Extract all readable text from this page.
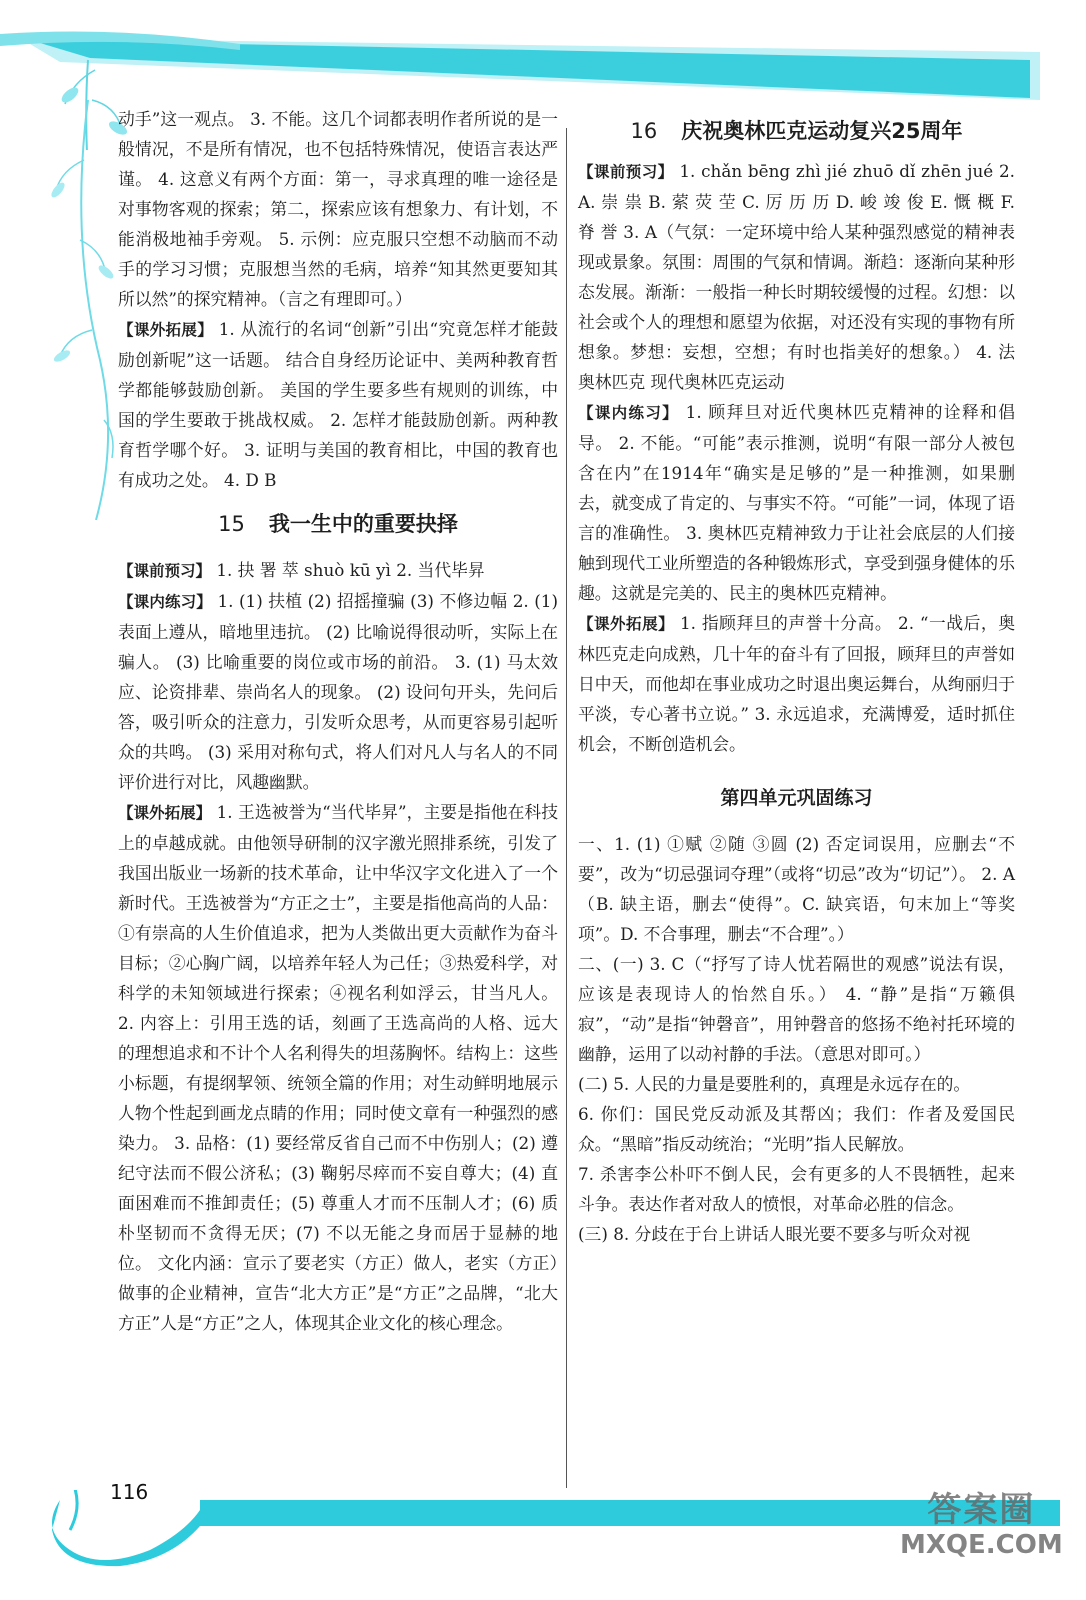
动手”这一观点。 3. 不能。这几个词都表明作者所说的是一般情况，不是所有情况，也不包括特殊情况，使语言表达严谨。 4. 这意义有两个方面：第一，寻求真理的唯一途径是对事物客观的探索；第二，探索应该有想象力、有计划，不能消极地袖手旁观。 5. 示例：应克服只空想不动脑而不动手的学习习惯；克服想当然的毛病，培养“知其然更要知其所以然”的探究精神。（言之有理即可。）

【课外拓展】 1. 从流行的名词“创新”引出“究竟怎样才能鼓励创新呢”这一话题。 结合自身经历论证中、美两种教育哲学都能够鼓励创新。 美国的学生要多些有规则的训练，中国的学生要敢于挑战权威。 2. 怎样才能鼓励创新。两种教育哲学哪个好。 3. 证明与美国的教育相比，中国的教育也有成功之处。 4. D B

15 我一生中的重要抉择

【课前预习】 1. 抉 署 萃 shuò kū yì 2. 当代毕昇

【课内练习】 1. (1) 扶植 (2) 招摇撞骗 (3) 不修边幅 2. (1) 表面上遵从，暗地里违抗。 (2) 比喻说得很动听，实际上在骗人。 (3) 比喻重要的岗位或市场的前沿。 3. (1) 马太效应、论资排辈、崇尚名人的现象。 (2) 设问句开头，先问后答，吸引听众的注意力，引发听众思考，从而更容易引起听众的共鸣。 (3) 采用对称句式，将人们对凡人与名人的不同评价进行对比，风趣幽默。

【课外拓展】 1. 王选被誉为“当代毕昇”，主要是指他在科技上的卓越成就。由他领导研制的汉字激光照排系统，引发了我国出版业一场新的技术革命，让中华汉字文化进入了一个新时代。王选被誉为“方正之士”，主要是指他高尚的人品：①有崇高的人生价值追求，把为人类做出更大贡献作为奋斗目标；②心胸广阔，以培养年轻人为己任；③热爱科学，对科学的未知领域进行探索；④视名利如浮云，甘当凡人。 2. 内容上：引用王选的话，刻画了王选高尚的人格、远大的理想追求和不计个人名利得失的坦荡胸怀。结构上：这些小标题，有提纲挈领、统领全篇的作用；对生动鲜明地展示人物个性起到画龙点睛的作用；同时使文章有一种强烈的感染力。 3. 品格：(1) 要经常反省自己而不中伤别人；(2) 遵纪守法而不假公济私；(3) 鞠躬尽瘁而不妄自尊大；(4) 直面困难而不推卸责任；(5) 尊重人才而不压制人才；(6) 质朴坚韧而不贪得无厌；(7) 不以无能之身而居于显赫的地位。 文化内涵：宣示了要老实（方正）做人，老实（方正）做事的企业精神，宣告“北大方正”是“方正”之品牌，“北大方正”人是“方正”之人，体现其企业文化的核心理念。

16 庆祝奥林匹克运动复兴25周年

【课前预习】 1. chǎn bēng zhì jié zhuō dǐ zhēn jué 2. A. 崇 祟 B. 萦 荧 茔 C. 厉 历 历 D. 峻 竣 俊 E. 慨 概 F. 脊 誉 3. A（气氛：一定环境中给人某种强烈感觉的精神表现或景象。氛围：周围的气氛和情调。渐趋：逐渐向某种形态发展。渐渐：一般指一种长时期较缓慢的过程。幻想：以社会或个人的理想和愿望为依据，对还没有实现的事物有所想象。梦想：妄想，空想；有时也指美好的想象。） 4. 法 奥林匹克 现代奥林匹克运动

【课内练习】 1. 顾拜旦对近代奥林匹克精神的诠释和倡导。 2. 不能。“可能”表示推测，说明“有限一部分人被包含在内”在1914年“确实是足够的”是一种推测，如果删去，就变成了肯定的、与事实不符。“可能”一词，体现了语言的准确性。 3. 奥林匹克精神致力于让社会底层的人们接触到现代工业所塑造的各种锻炼形式，享受到强身健体的乐趣。这就是完美的、民主的奥林匹克精神。

【课外拓展】 1. 指顾拜旦的声誉十分高。 2. “一战后，奥林匹克走向成熟，几十年的奋斗有了回报，顾拜旦的声誉如日中天，而他却在事业成功之时退出奥运舞台，从绚丽归于平淡，专心著书立说。” 3. 永远追求，充满博爱，适时抓住机会，不断创造机会。

第四单元巩固练习

一、1. (1) ①赋 ②随 ③圆 (2) 否定词误用，应删去“不要”，改为“切忌强词夺理”（或将“切忌”改为“切记”）。 2. A（B. 缺主语，删去“使得”。C. 缺宾语，句末加上“等奖项”。D. 不合事理，删去“不合理”。）

二、(一) 3. C（“抒写了诗人忧若隔世的观感”说法有误，应该是表现诗人的怡然自乐。） 4. “静”是指“万籁俱寂”，“动”是指“钟磬音”，用钟磬音的悠扬不绝衬托环境的幽静，运用了以动衬静的手法。（意思对即可。）

(二) 5. 人民的力量是要胜利的，真理是永远存在的。

6. 你们：国民党反动派及其帮凶；我们：作者及爱国民众。“黑暗”指反动统治；“光明”指人民解放。

7. 杀害李公朴吓不倒人民，会有更多的人不畏牺牲，起来斗争。表达作者对敌人的愤恨，对革命必胜的信念。

(三) 8. 分歧在于台上讲话人眼光要不要多与听众对视

116	答案圈
MXQE.COM
